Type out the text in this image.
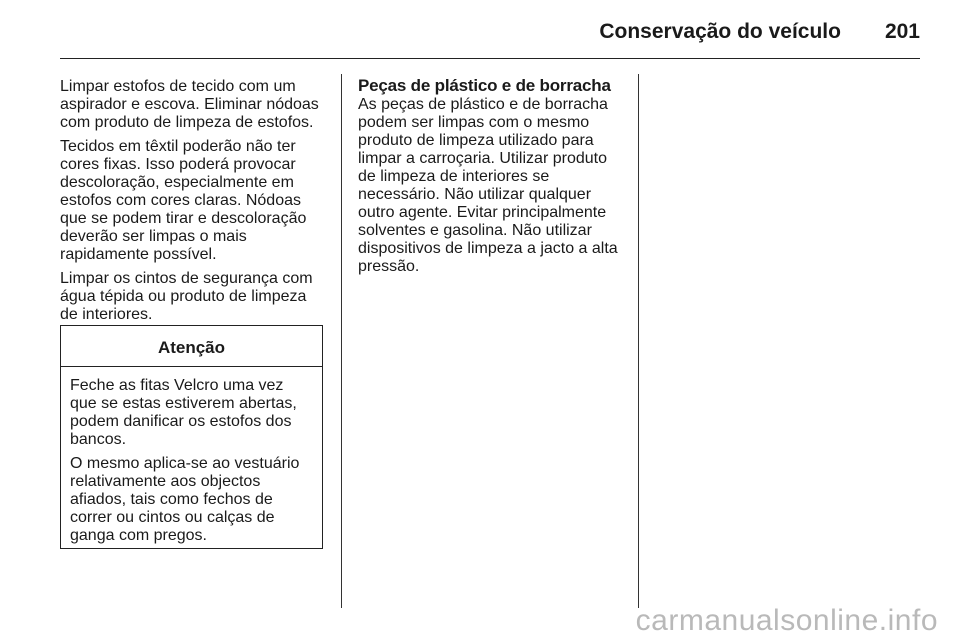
Conservação do veículo 201

Limpar estofos de tecido com um aspirador e escova. Eliminar nódoas com produto de limpeza de estofos.

Tecidos em têxtil poderão não ter cores fixas. Isso poderá provocar descoloração, especialmente em estofos com cores claras. Nódoas que se podem tirar e descoloração deverão ser limpas o mais rapidamente possível.

Limpar os cintos de segurança com água tépida ou produto de limpeza de interiores.

Atenção

Feche as fitas Velcro uma vez que se estas estiverem abertas, podem danificar os estofos dos bancos.

O mesmo aplica-se ao vestuário relativamente aos objectos afiados, tais como fechos de correr ou cintos ou calças de ganga com pregos.

Peças de plástico e de borracha

As peças de plástico e de borracha podem ser limpas com o mesmo produto de limpeza utilizado para limpar a carroçaria. Utilizar produto de limpeza de interiores se necessário. Não utilizar qualquer outro agente. Evitar principalmente solventes e gasolina. Não utilizar dispositivos de limpeza a jacto a alta pressão.

carmanualsonline.info
